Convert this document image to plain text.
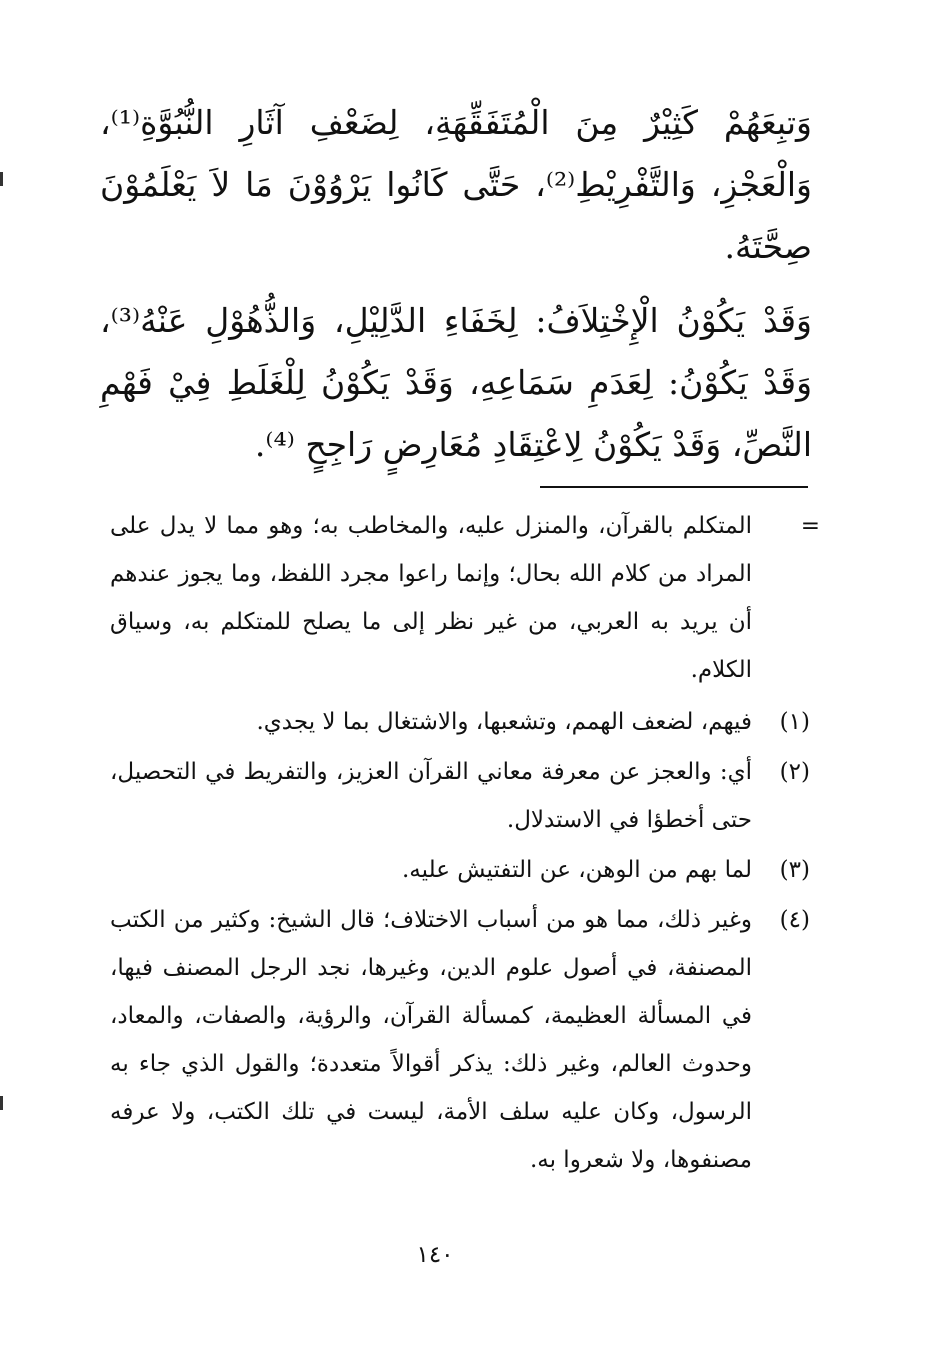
وَتبِعَهُمْ كَثِيْرٌ مِنَ الْمُتَفَقِّهَةِ، لِضَعْفِ آثَارِ النُّبُوَّةِ⁽¹⁾، وَالْعَجْزِ، وَالتَّفْرِيْطِ⁽²⁾، حَتَّى كَانُوا يَرْوُوْنَ مَا لاَ يَعْلَمُوْنَ صِحَّتَهُ.

وَقَدْ يَكُوْنُ الْإِخْتِلاَفُ: لِخَفَاءِ الدَّلِيْلِ، وَالذُّهُوْلِ عَنْهُ⁽³⁾، وَقَدْ يَكُوْنُ: لِعَدَمِ سَمَاعِهِ، وَقَدْ يَكُوْنُ لِلْغَلَطِ فِيْ فَهْمِ النَّصِّ، وَقَدْ يَكُوْنُ لِاعْتِقَادِ مُعَارِضٍ رَاجِحٍ ⁽⁴⁾.

=
المتكلم بالقرآن، والمنزل عليه، والمخاطب به؛ وهو مما لا يدل على المراد من كلام الله بحال؛ وإنما راعوا مجرد اللفظ، وما يجوز عندهم أن يريد به العربي، من غير نظر إلى ما يصلح للمتكلم به، وسياق الكلام.
(١)
فيهم، لضعف الهمم، وتشعبها، والاشتغال بما لا يجدي.
(٢)
أي: والعجز عن معرفة معاني القرآن العزيز، والتفريط في التحصيل، حتى أخطؤا في الاستدلال.
(٣)
لما بهم من الوهن، عن التفتيش عليه.
(٤)
وغير ذلك، مما هو من أسباب الاختلاف؛ قال الشيخ: وكثير من الكتب المصنفة، في أصول علوم الدين، وغيرها، نجد الرجل المصنف فيها، في المسألة العظيمة، كمسألة القرآن، والرؤية، والصفات، والمعاد، وحدوث العالم، وغير ذلك: يذكر أقوالاً متعددة؛ والقول الذي جاء به الرسول، وكان عليه سلف الأمة، ليست في تلك الكتب، ولا عرفه مصنفوها، ولا شعروا به.
١٤٠
